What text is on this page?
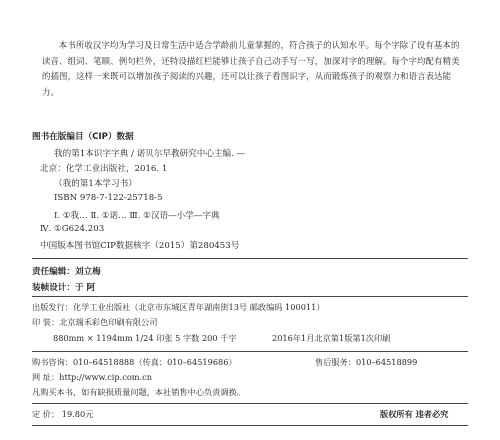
本书所收汉字均为学习及日常生活中适合学龄前儿童掌握的，符合孩子的认知水平。每个字除了设有基本的读音、组词、笔顺、例句栏外，还特设描红栏能够让孩子自己动手写一写，加深对字的理解。每个字均配有精美的插图，这样一来既可以增加孩子阅读的兴趣，还可以让孩子看图识字，从而锻炼孩子的观察力和语言表达能力。

图书在版编目（CIP）数据
我的第1本识字字典 / 诺贝尔早教研究中心主编. —
北京：化学工业出版社，2016. 1
（我的第1本学习书）
ISBN 978-7-122-25718-5
Ⅰ. ①我… Ⅱ. ①诺… Ⅲ. ①汉语—小学—字典
Ⅳ. ①G624.203
中国版本图书馆CIP数据核字（2015）第280453号
责任编辑：刘立梅
装帧设计：于 阿
出版发行：化学工业出版社（北京市东城区青年湖南街13号 邮政编码 100011）
印 装：北京瑞禾彩色印刷有限公司
880mm × 1194mm 1/24 印张 5 字数 200 千字	2016年1月北京第1版第1次印刷
购书咨询：010–64518888（传真：010–64519686）	售后服务：010–64518899
网 址：http://www.cip.com.cn
凡购买本书，如有缺损质量问题，本社销售中心负责调换。
定 价： 19.80元	版权所有 违者必究
